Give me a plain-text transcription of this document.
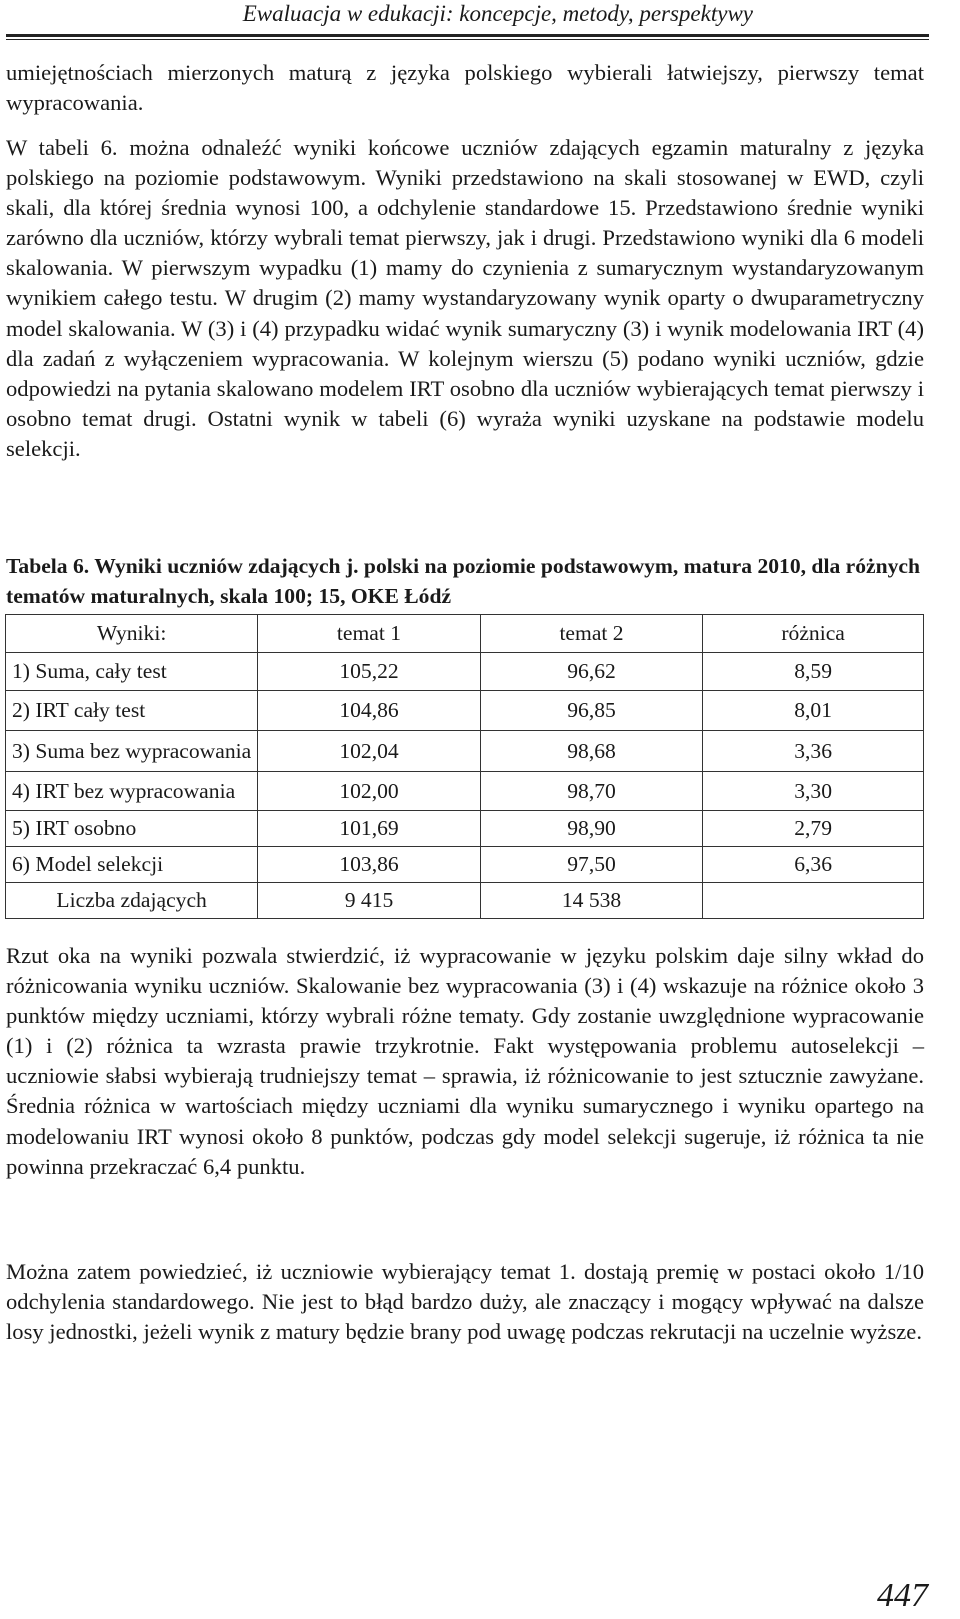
Ewaluacja w edukacji: koncepcje, metody, perspektywy

umiejętnościach mierzonych maturą z języka polskiego wybierali łatwiejszy, pierwszy temat wypracowania.

W tabeli 6. można odnaleźć wyniki końcowe uczniów zdających egzamin maturalny z języka polskiego na poziomie podstawowym. Wyniki przedstawiono na skali stosowanej w EWD, czyli skali, dla której średnia wynosi 100, a odchylenie standardowe 15. Przedstawiono średnie wyniki zarówno dla uczniów, którzy wybrali temat pierwszy, jak i drugi. Przedstawiono wyniki dla 6 modeli skalowania. W pierwszym wypadku (1) mamy do czynienia z sumarycznym wystandaryzowanym wynikiem całego testu. W drugim (2) mamy wystandaryzowany wynik oparty o dwuparametryczny model skalowania. W (3) i (4) przypadku widać wynik sumaryczny (3) i wynik modelowania IRT (4) dla zadań z wyłączeniem wypracowania. W kolejnym wierszu (5) podano wyniki uczniów, gdzie odpowiedzi na pytania skalowano modelem IRT osobno dla uczniów wybierających temat pierwszy i osobno temat drugi. Ostatni wynik w tabeli (6) wyraża wyniki uzyskane na podstawie modelu selekcji.

Tabela 6. Wyniki uczniów zdających j. polski na poziomie podstawowym, matura 2010, dla różnych tematów maturalnych, skala 100; 15, OKE Łódź
Wyniki:	temat 1	temat 2	różnica
1) Suma, cały test	105,22	96,62	8,59
2) IRT cały test	104,86	96,85	8,01
3) Suma bez wypracowania	102,04	98,68	3,36
4) IRT bez wypracowania	102,00	98,70	3,30
5) IRT osobno	101,69	98,90	2,79
6) Model selekcji	103,86	97,50	6,36
Liczba zdających	9 415	14 538	

Rzut oka na wyniki pozwala stwierdzić, iż wypracowanie w języku polskim daje silny wkład do różnicowania wyniku uczniów. Skalowanie bez wypracowania (3) i (4) wskazuje na różnice około 3 punktów między uczniami, którzy wybrali różne tematy. Gdy zostanie uwzględnione wypracowanie (1) i (2) różnica ta wzrasta prawie trzykrotnie. Fakt występowania problemu autoselekcji – uczniowie słabsi wybierają trudniejszy temat – sprawia, iż różnicowanie to jest sztucznie zawyżane. Średnia różnica w wartościach między uczniami dla wyniku sumarycznego i wyniku opartego na modelowaniu IRT wynosi około 8 punktów, podczas gdy model selekcji sugeruje, iż różnica ta nie powinna przekraczać 6,4 punktu.

Można zatem powiedzieć, iż uczniowie wybierający temat 1. dostają premię w postaci około 1/10 odchylenia standardowego. Nie jest to błąd bardzo duży, ale znaczący i mogący wpływać na dalsze losy jednostki, jeżeli wynik z matury będzie brany pod uwagę podczas rekrutacji na uczelnie wyższe.

447
